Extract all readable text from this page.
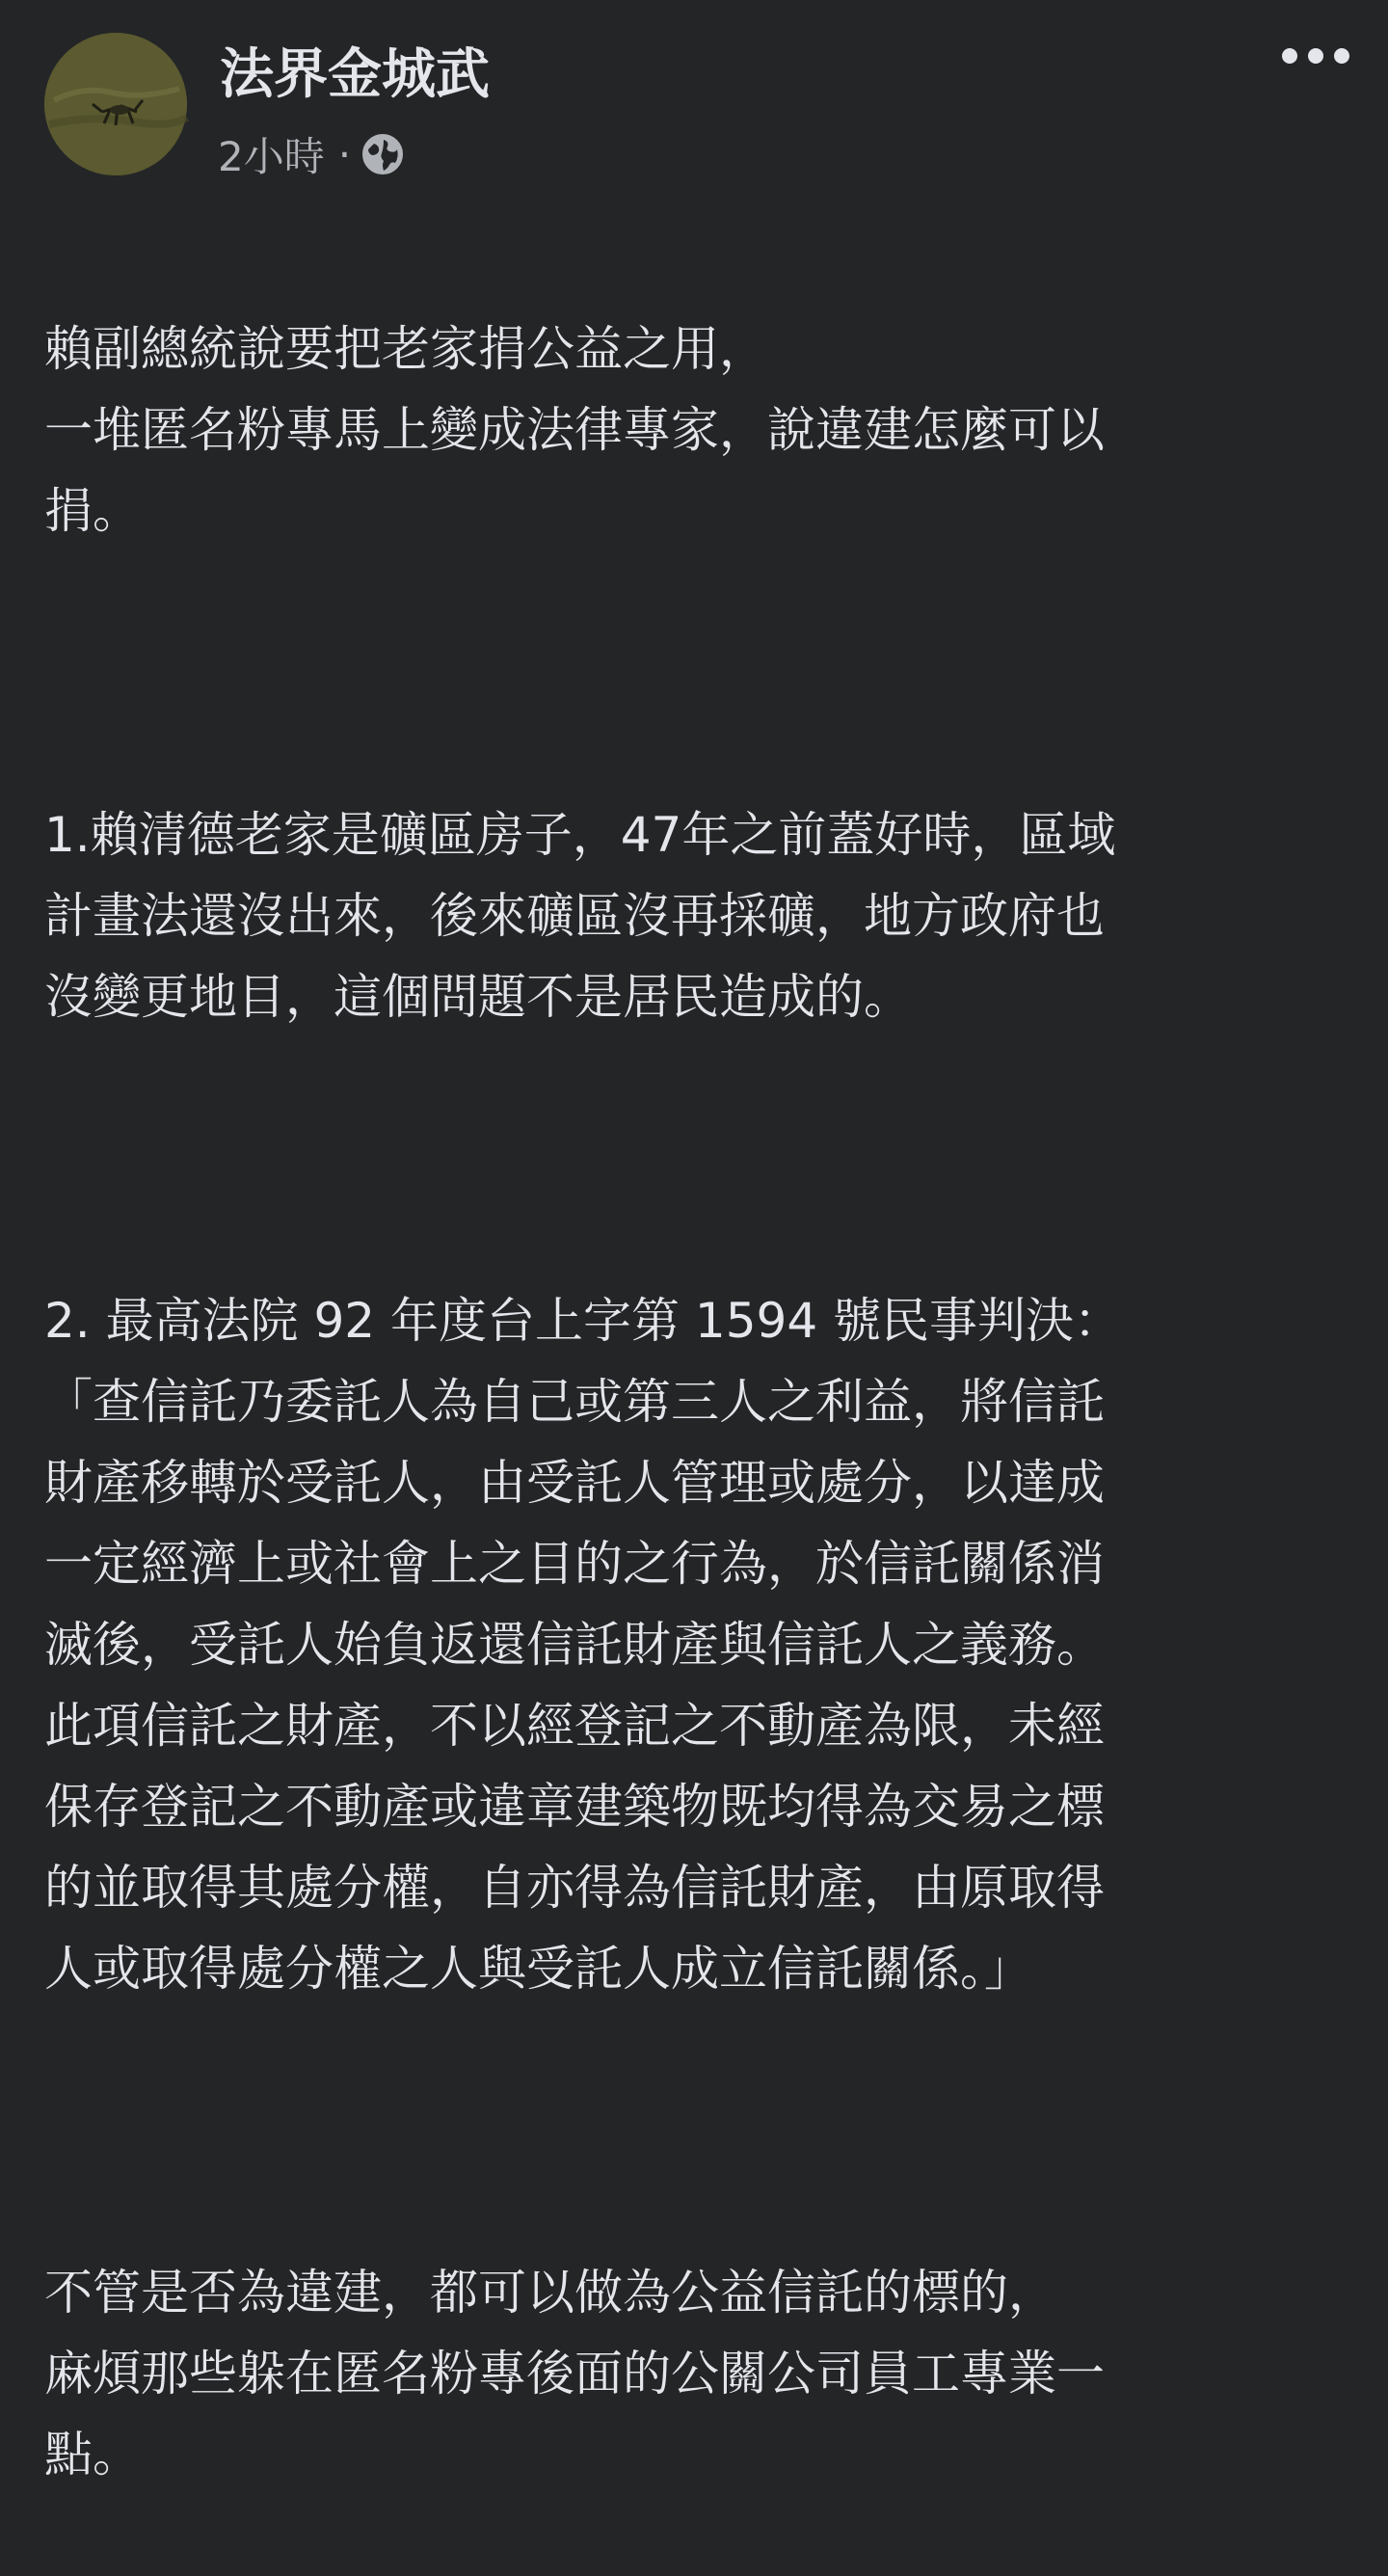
法界金城武
2小時 ·

賴副總統說要把老家捐公益之用，
一堆匿名粉專馬上變成法律專家，說違建怎麼可以
捐。

1.賴清德老家是礦區房子，47年之前蓋好時，區域
計畫法還沒出來，後來礦區沒再採礦，地方政府也
沒變更地目，這個問題不是居民造成的。

2. 最高法院 92 年度台上字第 1594 號民事判決：
「查信託乃委託人為自己或第三人之利益，將信託
財產移轉於受託人，由受託人管理或處分，以達成
一定經濟上或社會上之目的之行為，於信託關係消
滅後，受託人始負返還信託財產與信託人之義務。
此項信託之財產，不以經登記之不動產為限，未經
保存登記之不動產或違章建築物既均得為交易之標
的並取得其處分權，自亦得為信託財產，由原取得
人或取得處分權之人與受託人成立信託關係。」

不管是否為違建，都可以做為公益信託的標的，
麻煩那些躲在匿名粉專後面的公關公司員工專業一
點。
